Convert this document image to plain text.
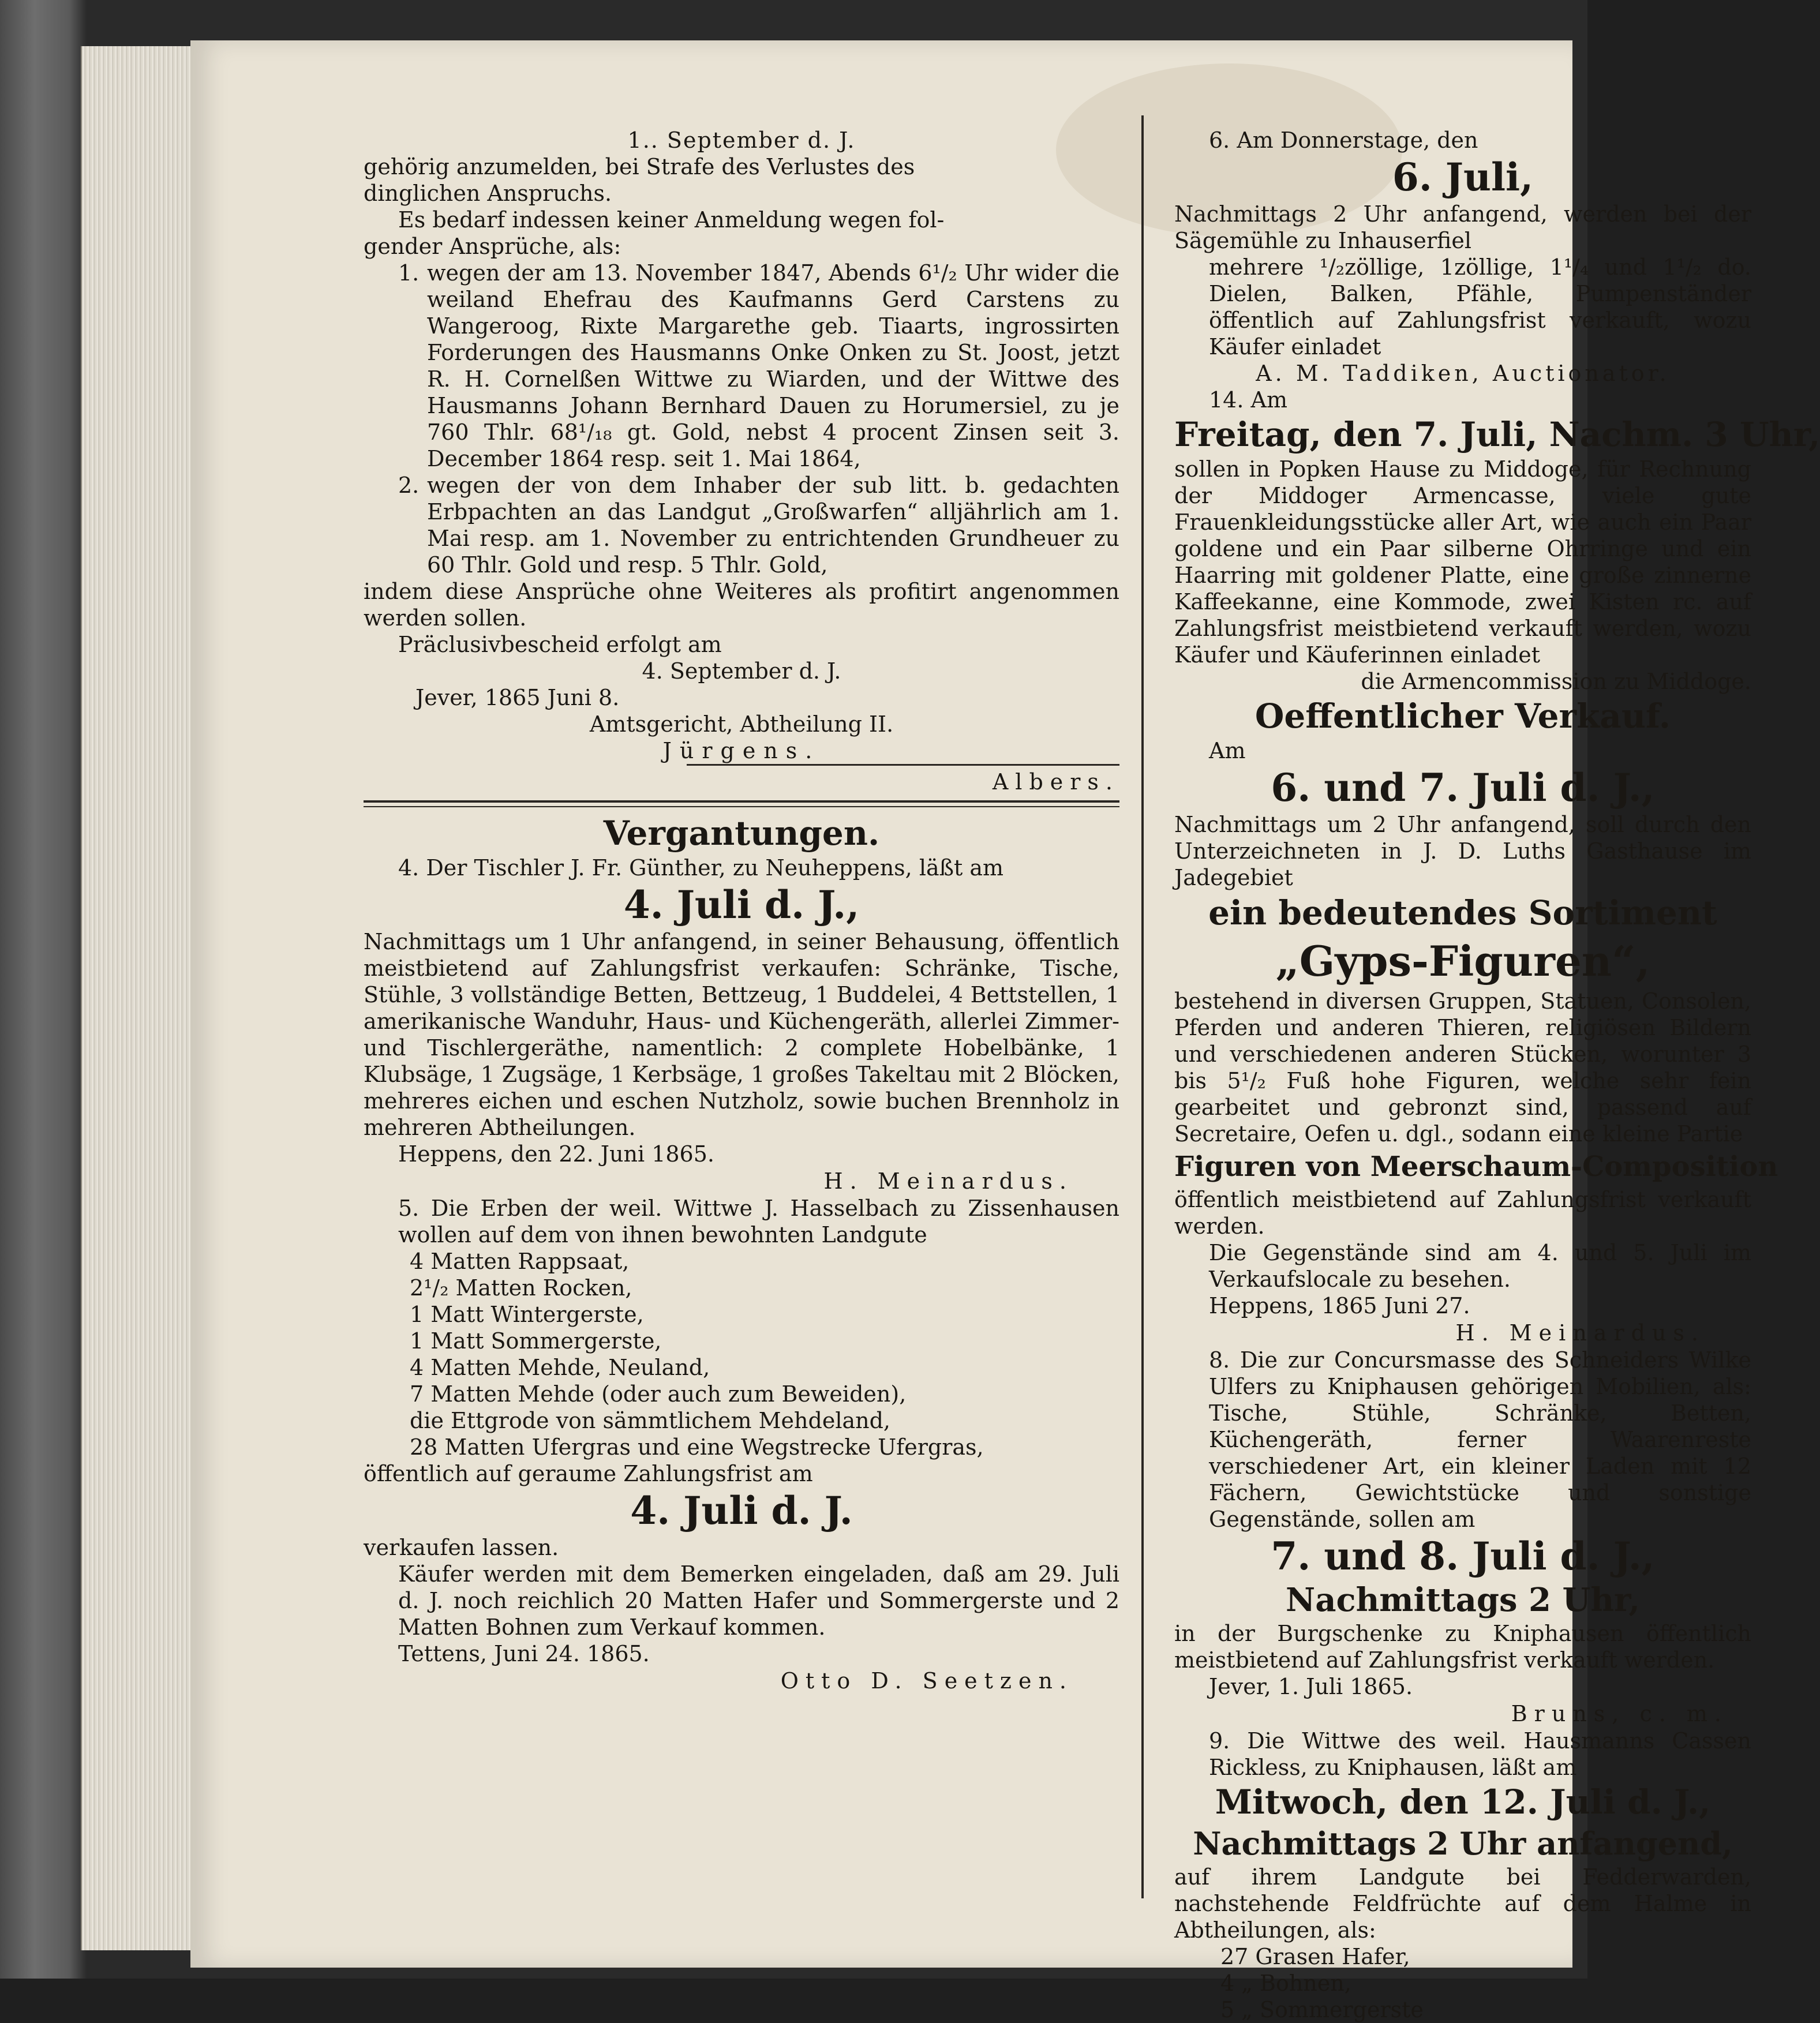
1.. September d. J.

gehörig anzumelden, bei Strafe des Verlustes des

dinglichen Anspruchs.

Es bedarf indessen keiner Anmeldung wegen fol-

gender Ansprüche, als:

1. wegen der am 13. November 1847, Abends 6¹/₂ Uhr wider die weiland Ehefrau des Kaufmanns Gerd Carstens zu Wangeroog, Rixte Margarethe geb. Tiaarts, ingrossirten Forderungen des Hausmanns Onke Onken zu St. Joost, jetzt R. H. Cornelßen Wittwe zu Wiarden, und der Wittwe des Hausmanns Johann Bernhard Dauen zu Horumersiel, zu je 760 Thlr. 68¹/₁₈ gt. Gold, nebst 4 procent Zinsen seit 3. December 1864 resp. seit 1. Mai 1864,
2. wegen der von dem Inhaber der sub litt. b. gedachten Erbpachten an das Landgut „Großwarfen“ alljährlich am 1. Mai resp. am 1. November zu entrichtenden Grundheuer zu 60 Thlr. Gold und resp. 5 Thlr. Gold,

indem diese Ansprüche ohne Weiteres als profitirt angenommen werden sollen.

Präclusivbescheid erfolgt am

4. September d. J.

Jever, 1865 Juni 8.

Amtsgericht, Abtheilung II.

Jürgens.

Albers.

Vergantungen.

4. Der Tischler J. Fr. Günther, zu Neuheppens, läßt am

4. Juli d. J.,

Nachmittags um 1 Uhr anfangend, in seiner Behausung, öffentlich meistbietend auf Zahlungsfrist verkaufen: Schränke, Tische, Stühle, 3 vollständige Betten, Bettzeug, 1 Buddelei, 4 Bettstellen, 1 amerikanische Wanduhr, Haus- und Küchengeräth, allerlei Zimmer- und Tischlergeräthe, namentlich: 2 complete Hobelbänke, 1 Klubsäge, 1 Zugsäge, 1 Kerbsäge, 1 großes Takeltau mit 2 Blöcken, mehreres eichen und eschen Nutzholz, sowie buchen Brennholz in mehreren Abtheilungen.

Heppens, den 22. Juni 1865.

H. Meinardus.

5. Die Erben der weil. Wittwe J. Hasselbach zu Zissenhausen wollen auf dem von ihnen bewohnten Landgute

4 Matten Rappsaat,
2¹/₂ Matten Rocken,
1 Matt Wintergerste,
1 Matt Sommergerste,
4 Matten Mehde, Neuland,
7 Matten Mehde (oder auch zum Beweiden),
die Ettgrode von sämmtlichem Mehdeland,
28 Matten Ufergras und eine Wegstrecke Ufergras,

öffentlich auf geraume Zahlungsfrist am

4. Juli d. J.

verkaufen lassen.

Käufer werden mit dem Bemerken eingeladen, daß am 29. Juli d. J. noch reichlich 20 Matten Hafer und Sommergerste und 2 Matten Bohnen zum Verkauf kommen.

Tettens, Juni 24. 1865.

Otto D. Seetzen.

6. Am Donnerstage, den

6. Juli,

Nachmittags 2 Uhr anfangend, werden bei der Sägemühle zu Inhauserfiel

mehrere ¹/₂zöllige, 1zöllige, 1¹/₄ und 1¹/₂ do. Dielen, Balken, Pfähle, Pumpenständer öffentlich auf Zahlungsfrist verkauft, wozu Käufer einladet

A. M. Taddiken, Auctionator.

14. Am

Freitag, den 7. Juli, Nachm. 3 Uhr,

sollen in Popken Hause zu Middoge, für Rechnung der Middoger Armencasse, viele gute Frauenkleidungsstücke aller Art, wie auch ein Paar goldene und ein Paar silberne Ohrringe und ein Haarring mit goldener Platte, eine große zinnerne Kaffeekanne, eine Kommode, zwei Kisten rc. auf Zahlungsfrist meistbietend verkauft werden, wozu Käufer und Käuferinnen einladet

die Armencommission zu Middoge.

Oeffentlicher Verkauf.

Am

6. und 7. Juli d. J.,

Nachmittags um 2 Uhr anfangend, soll durch den Unterzeichneten in J. D. Luths Gasthause im Jadegebiet

ein bedeutendes Sortiment

„Gyps-Figuren“,

bestehend in diversen Gruppen, Statuen, Consolen, Pferden und anderen Thieren, religiösen Bildern und verschiedenen anderen Stücken, worunter 3 bis 5¹/₂ Fuß hohe Figuren, welche sehr fein gearbeitet und gebronzt sind, passend auf Secretaire, Oefen u. dgl., sodann eine kleine Partie

Figuren von Meerschaum-Composition

öffentlich meistbietend auf Zahlungsfrist verkauft werden.

Die Gegenstände sind am 4. und 5. Juli im Verkaufslocale zu besehen.

Heppens, 1865 Juni 27.

H. Meinardus.

8. Die zur Concursmasse des Schneiders Wilke Ulfers zu Kniphausen gehörigen Mobilien, als: Tische, Stühle, Schränke, Betten, Küchengeräth, ferner Waarenreste verschiedener Art, ein kleiner Laden mit 12 Fächern, Gewichtstücke und sonstige Gegenstände, sollen am

7. und 8. Juli d. J.,

Nachmittags 2 Uhr,

in der Burgschenke zu Kniphausen öffentlich meistbietend auf Zahlungsfrist verkauft werden.

Jever, 1. Juli 1865.

Bruns, c. m.

9. Die Wittwe des weil. Hausmanns Cassen Rickless, zu Kniphausen, läßt am

Mitwoch, den 12. Juli d. J.,

Nachmittags 2 Uhr anfangend,

auf ihrem Landgute bei Fedderwarden, nachstehende Feldfrüchte auf dem Halme in Abtheilungen, als:

27 Grasen Hafer,
4 „ Bohnen,
5 „ Sommergerste
